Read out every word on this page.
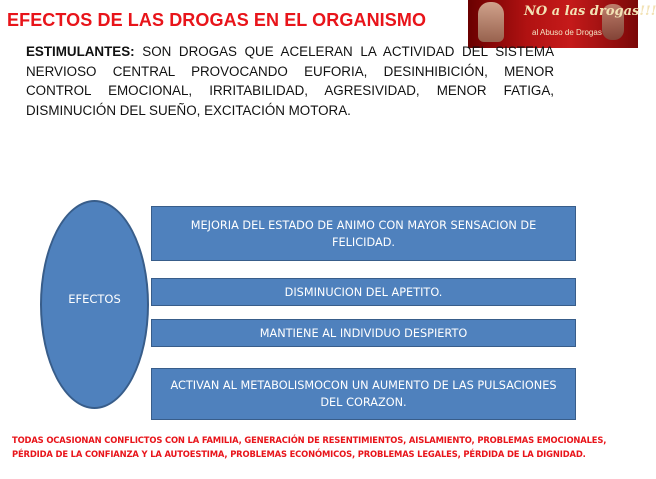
EFECTOS DE LAS DROGAS EN EL ORGANISMO	NO a las drogas!!!
al Abuso de Drogas

ESTIMULANTES: SON DROGAS QUE ACELERAN LA ACTIVIDAD DEL SISTEMA NERVIOSO CENTRAL PROVOCANDO EUFORIA, DESINHIBICIÓN, MENOR CONTROL EMOCIONAL, IRRITABILIDAD, AGRESIVIDAD, MENOR FATIGA, DISMINUCIÓN DEL SUEÑO, EXCITACIÓN MOTORA.

EFECTOS
MEJORIA DEL ESTADO DE ANIMO CON MAYOR SENSACION DE FELICIDAD.
DISMINUCION DEL APETITO.
MANTIENE AL INDIVIDUO DESPIERTO
ACTIVAN AL METABOLISMOCON UN AUMENTO DE LAS PULSACIONES DEL CORAZON.

TODAS OCASIONAN CONFLICTOS CON LA FAMILIA, GENERACIÓN DE RESENTIMIENTOS, AISLAMIENTO, PROBLEMAS EMOCIONALES,
PÉRDIDA DE LA CONFIANZA Y LA AUTOESTIMA, PROBLEMAS ECONÓMICOS, PROBLEMAS LEGALES, PÉRDIDA DE LA DIGNIDAD.
